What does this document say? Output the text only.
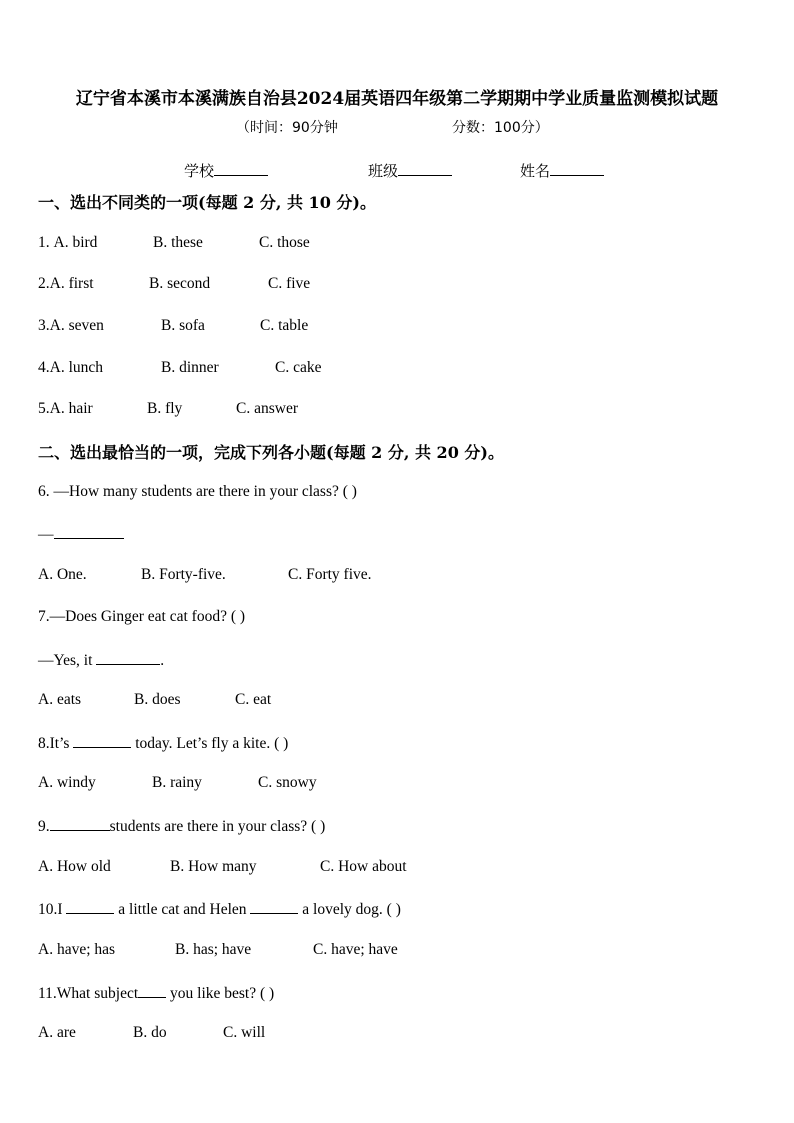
辽宁省本溪市本溪满族自治县2024届英语四年级第二学期期中学业质量监测模拟试题
（时间：90分钟	分数：100分）
学校	班级	姓名
一、选出不同类的一项(每题 2 分, 共 10 分)。
1. A. bird	B. these	C. those
2.A. first	B. second	C. five
3.A. seven	B. sofa	C. table
4.A. lunch	B. dinner	C. cake
5.A. hair	B. fly	C. answer
二、选出最恰当的一项，完成下列各小题(每题 2 分, 共 20 分)。
6. —How many students are there in your class? ( )
—
A. One.	B. Forty-five.	C. Forty five.
7.—Does Ginger eat cat food? ( )
—Yes, it	.
A. eats	B. does	C. eat
8.It’s	today. Let’s fly a kite. ( )
A. windy	B. rainy	C. snowy
9.	students are there in your class? ( )
A. How old	B. How many	C. How about
10.I	a little cat and Helen	a lovely dog. ( )
A. have; has	B. has; have	C. have; have
11.What subject you like best? ( )
A. are	B. do	C. will
